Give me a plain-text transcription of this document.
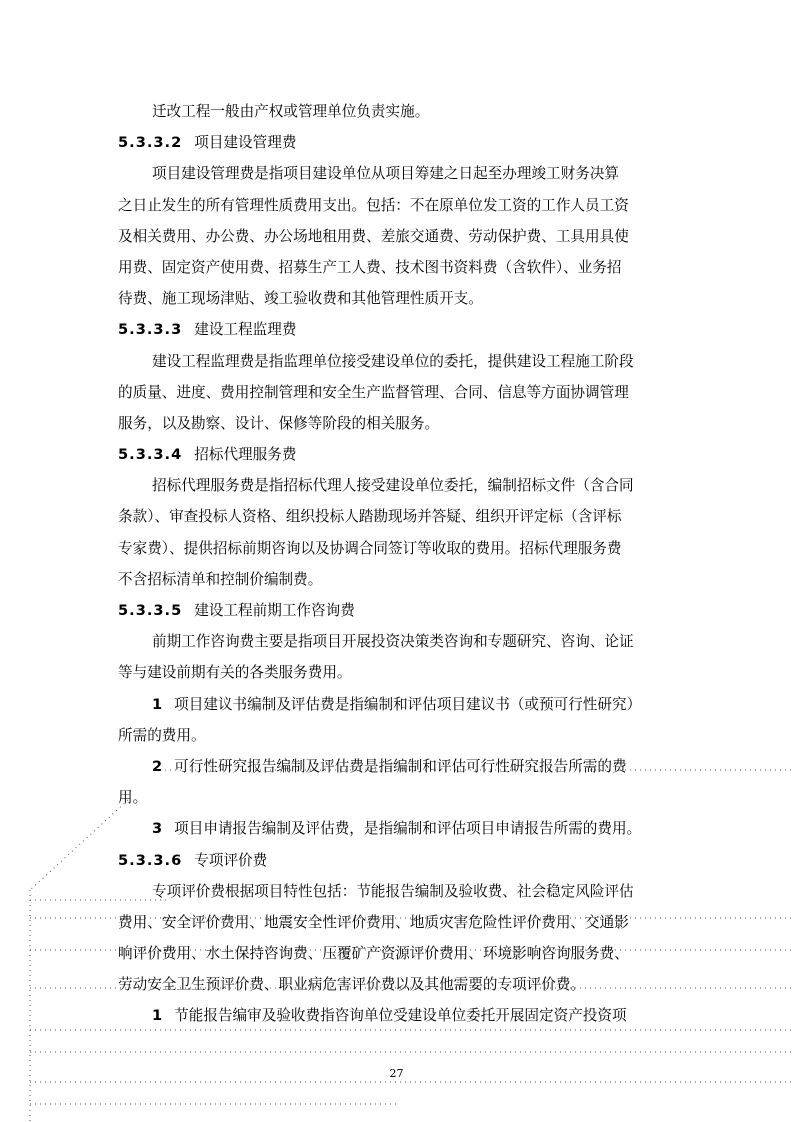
迁改工程一般由产权或管理单位负责实施。
5.3.3.2 项目建设管理费
项目建设管理费是指项目建设单位从项目筹建之日起至办理竣工财务决算
之日止发生的所有管理性质费用支出。包括：不在原单位发工资的工作人员工资
及相关费用、办公费、办公场地租用费、差旅交通费、劳动保护费、工具用具使
用费、固定资产使用费、招募生产工人费、技术图书资料费（含软件）、业务招
待费、施工现场津贴、竣工验收费和其他管理性质开支。
5.3.3.3 建设工程监理费
建设工程监理费是指监理单位接受建设单位的委托，提供建设工程施工阶段
的质量、进度、费用控制管理和安全生产监督管理、合同、信息等方面协调管理
服务，以及勘察、设计、保修等阶段的相关服务。
5.3.3.4 招标代理服务费
招标代理服务费是指招标代理人接受建设单位委托，编制招标文件（含合同
条款）、审查投标人资格、组织投标人踏勘现场并答疑、组织开评定标（含评标
专家费）、提供招标前期咨询以及协调合同签订等收取的费用。招标代理服务费
不含招标清单和控制价编制费。
5.3.3.5 建设工程前期工作咨询费
前期工作咨询费主要是指项目开展投资决策类咨询和专题研究、咨询、论证
等与建设前期有关的各类服务费用。
1 项目建议书编制及评估费是指编制和评估项目建议书（或预可行性研究）
所需的费用。
2 可行性研究报告编制及评估费是指编制和评估可行性研究报告所需的费
用。
3 项目申请报告编制及评估费，是指编制和评估项目申请报告所需的费用。
5.3.3.6 专项评价费
专项评价费根据项目特性包括：节能报告编制及验收费、社会稳定风险评估
费用、安全评价费用、地震安全性评价费用、地质灾害危险性评价费用、交通影
响评价费用、水土保持咨询费、压覆矿产资源评价费用、环境影响咨询服务费、
劳动安全卫生预评价费、职业病危害评价费以及其他需要的专项评价费。
1 节能报告编审及验收费指咨询单位受建设单位委托开展固定资产投资项
27
